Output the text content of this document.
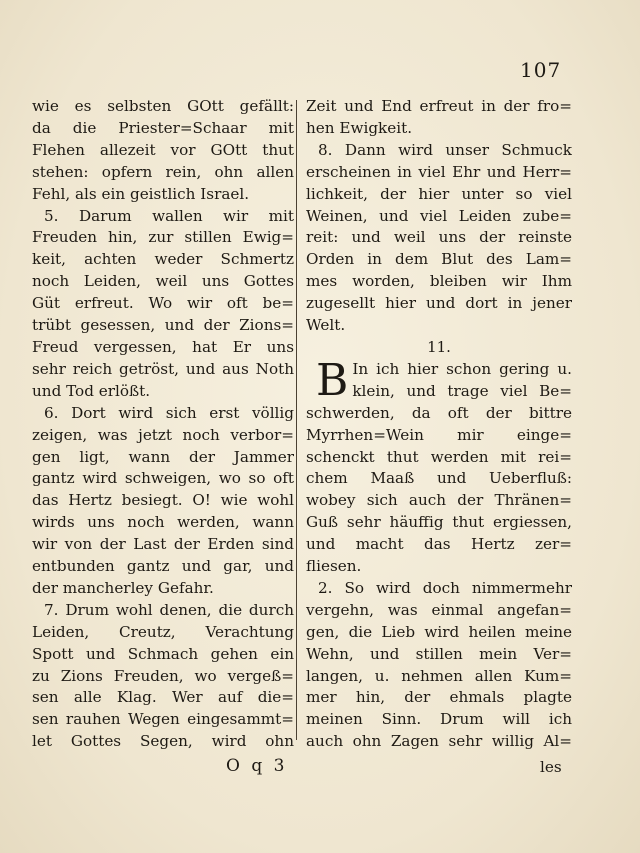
107
wie es selbsten GOtt gefällt:
da die Priester=Schaar mit
Flehen allezeit vor GOtt thut
stehen: opfern rein, ohn allen
Fehl, als ein geistlich Israel.
5. Darum wallen wir mit
Freuden hin, zur stillen Ewig=
keit, achten weder Schmertz
noch Leiden, weil uns Gottes
Güt erfreut. Wo wir oft be=
trübt gesessen, und der Zions=
Freud vergessen, hat Er uns
sehr reich getröst, und aus Noth
und Tod erlößt.
6. Dort wird sich erst völlig
zeigen, was jetzt noch verbor=
gen ligt, wann der Jammer
gantz wird schweigen, wo so oft
das Hertz besiegt. O! wie wohl
wirds uns noch werden, wann
wir von der Last der Erden sind
entbunden gantz und gar, und
der mancherley Gefahr.
7. Drum wohl denen, die durch
Leiden, Creutz, Verachtung
Spott und Schmach gehen ein
zu Zions Freuden, wo vergeß=
sen alle Klag. Wer auf die=
sen rauhen Wegen eingesammt=
let Gottes Segen, wird ohn
Zeit und End erfreut in der fro=
hen Ewigkeit.
8. Dann wird unser Schmuck
erscheinen in viel Ehr und Herr=
lichkeit, der hier unter so viel
Weinen, und viel Leiden zube=
reit: und weil uns der reinste
Orden in dem Blut des Lam=
mes worden, bleiben wir Ihm
zugesellt hier und dort in jener
Welt.
11.
B In ich hier schon gering u.
klein, und trage viel Be=
schwerden, da oft der bittre
Myrrhen=Wein mir einge=
schenckt thut werden mit rei=
chem Maaß und Ueberfluß:
wobey sich auch der Thränen=
Guß sehr häuffig thut ergiessen,
und macht das Hertz zer=
fliesen.
2. So wird doch nimmermehr
vergehn, was einmal angefan=
gen, die Lieb wird heilen meine
Wehn, und stillen mein Ver=
langen, u. nehmen allen Kum=
mer hin, der ehmals plagte
meinen Sinn. Drum will ich
auch ohn Zagen sehr willig Al=
O q 3	les
